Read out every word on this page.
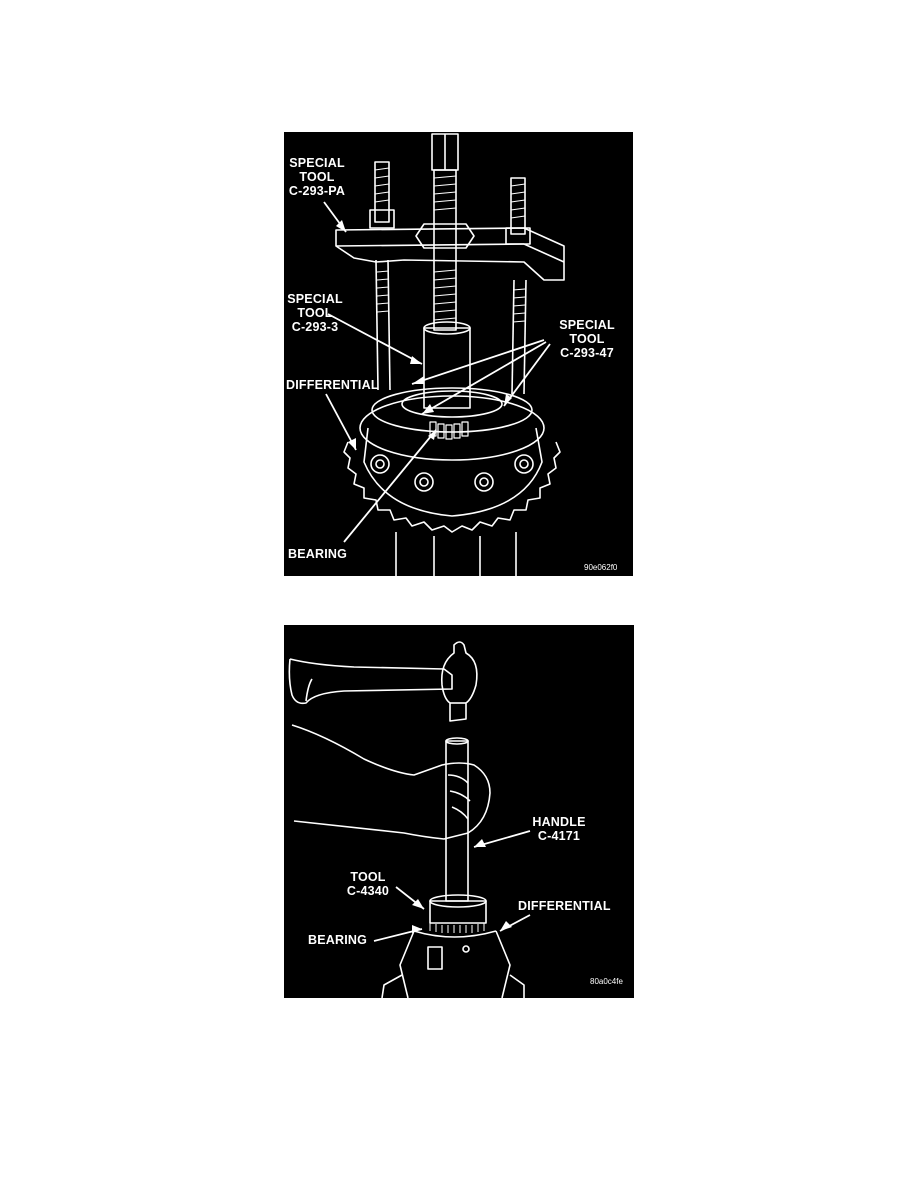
SPECIAL
TOOL
C-293-PA
SPECIAL
TOOL
C-293-3	SPECIAL
TOOL
C-293-47
DIFFERENTIAL
BEARING
90e062f0
HANDLE
C-4171
TOOL
C-4340
DIFFERENTIAL
BEARING
80a0c4fe
